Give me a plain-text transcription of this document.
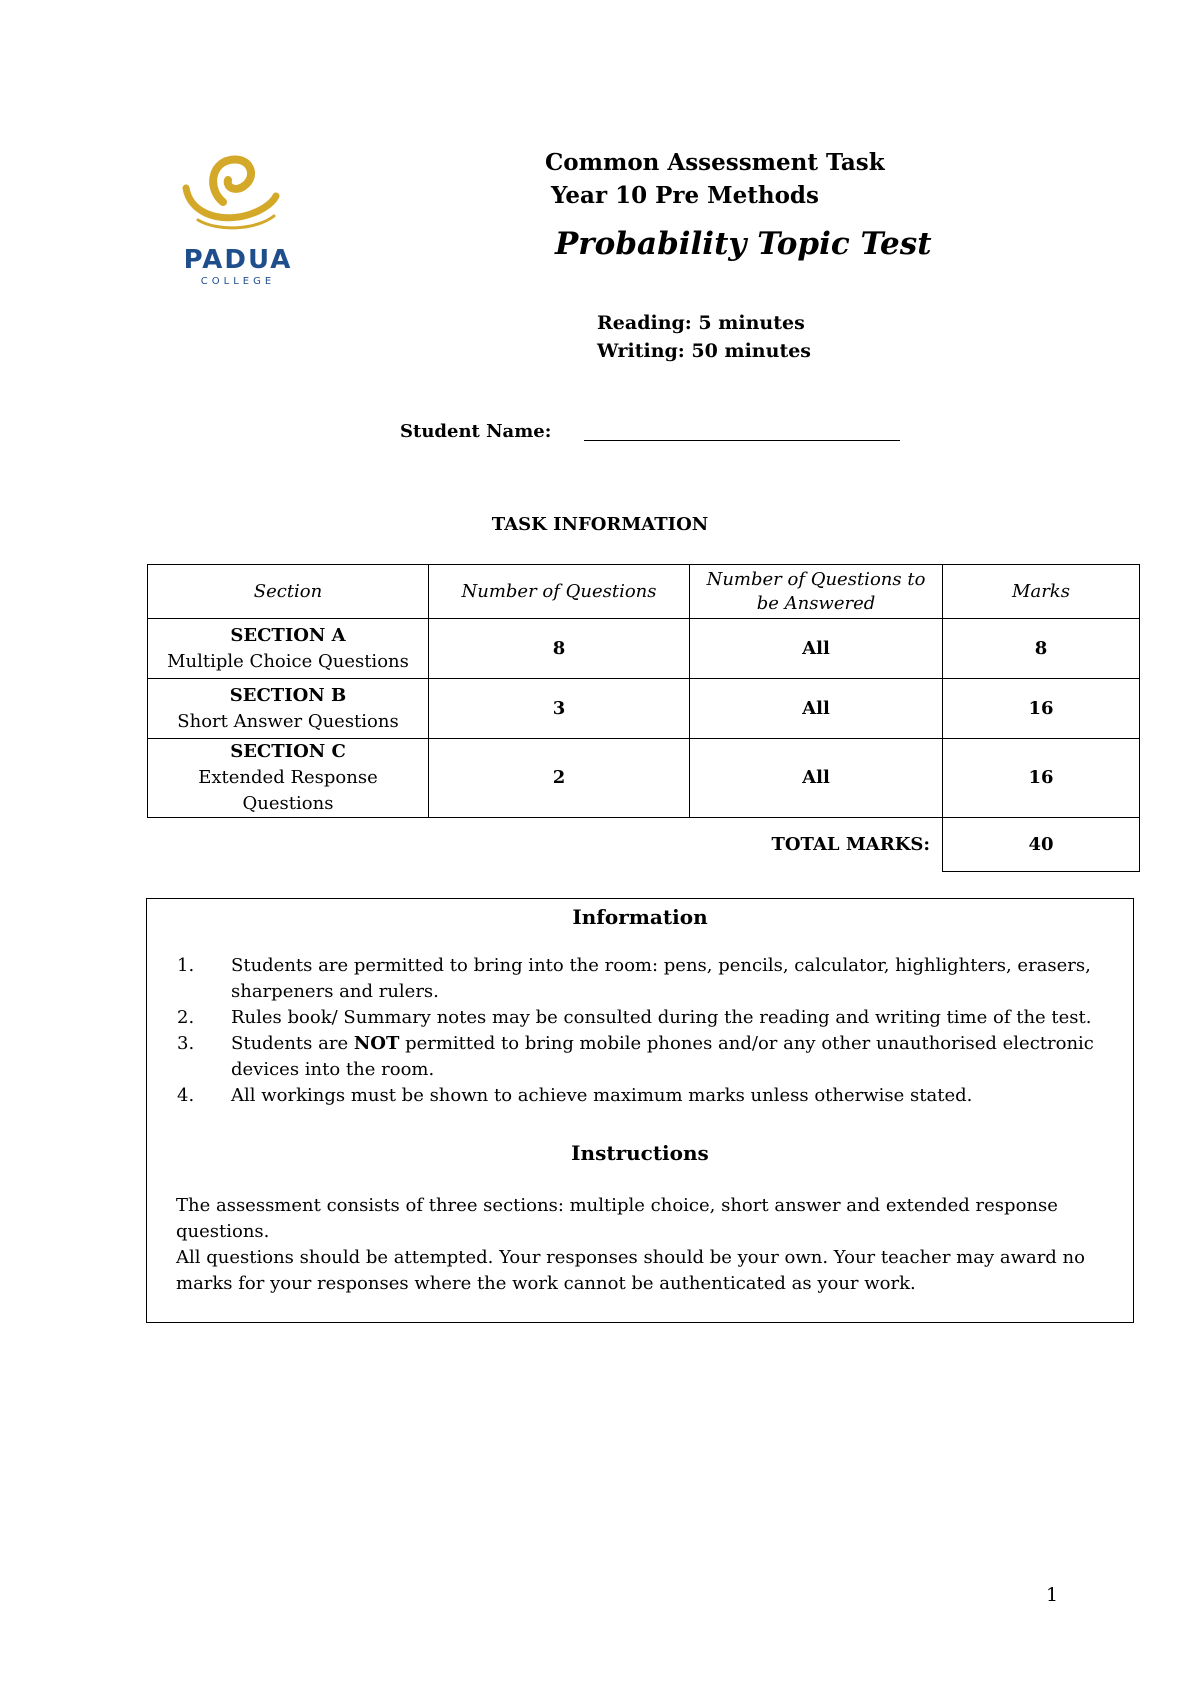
PADUA
COLLEGE
Common Assessment Task
Year 10 Pre Methods
Probability Topic Test
Reading: 5 minutes
Writing: 50 minutes
Student Name:
TASK INFORMATION
Section	Number of Questions	Number of Questions to be Answered	Marks

SECTION A
Multiple Choice Questions	8	All	8

SECTION B
Short Answer Questions	3	All	16

SECTION C
Extended Response Questions	2	All	16
TOTAL MARKS:			40
Information
1. Students are permitted to bring into the room: pens, pencils, calculator, highlighters, erasers, sharpeners and rulers.
2. Rules book/ Summary notes may be consulted during the reading and writing time of the test.
3. Students are NOT permitted to bring mobile phones and/or any other unauthorised electronic devices into the room.
4. All workings must be shown to achieve maximum marks unless otherwise stated.
Instructions
The assessment consists of three sections: multiple choice, short answer and extended response questions.
All questions should be attempted. Your responses should be your own. Your teacher may award no marks for your responses where the work cannot be authenticated as your work.
1
